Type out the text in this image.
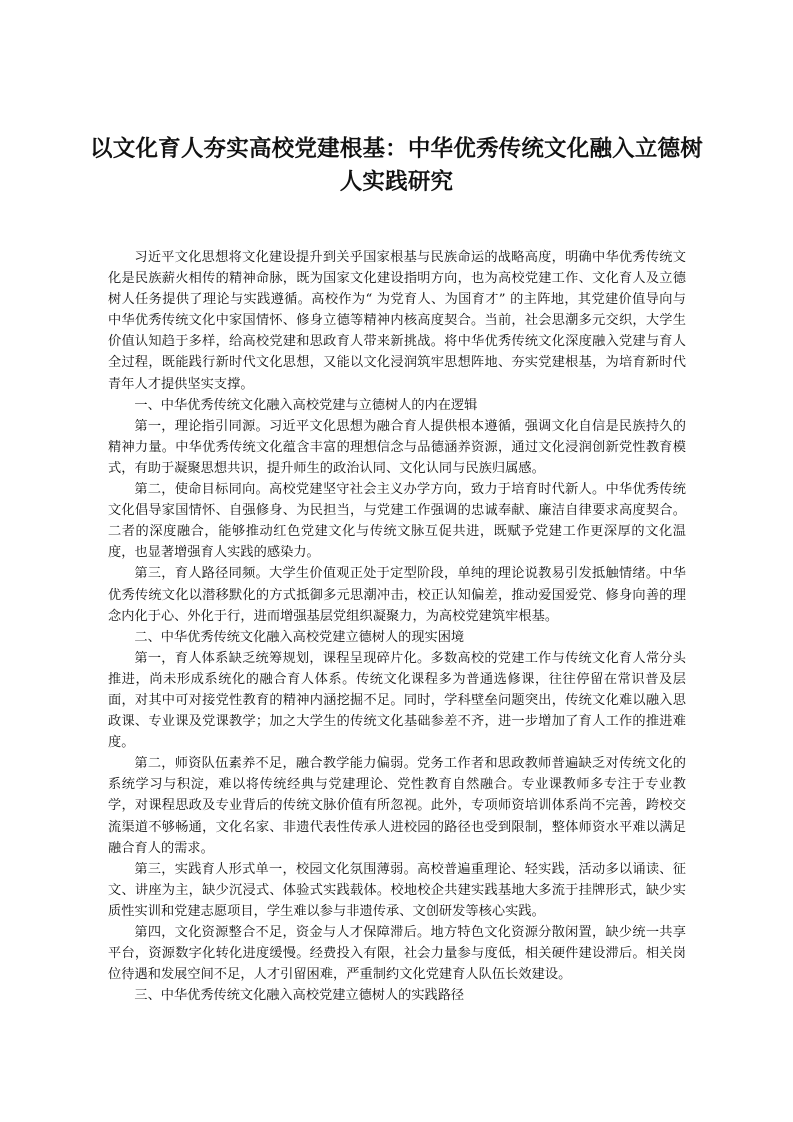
以文化育人夯实高校党建根基：中华优秀传统文化融入立德树人实践研究

习近平文化思想将文化建设提升到关乎国家根基与民族命运的战略高度，明确中华优秀传统文化是民族薪火相传的精神命脉，既为国家文化建设指明方向，也为高校党建工作、文化育人及立德树人任务提供了理论与实践遵循。高校作为“ 为党育人、为国育才” 的主阵地，其党建价值导向与中华优秀传统文化中家国情怀、修身立德等精神内核高度契合。当前，社会思潮多元交织，大学生价值认知趋于多样，给高校党建和思政育人带来新挑战。将中华优秀传统文化深度融入党建与育人全过程，既能践行新时代文化思想，又能以文化浸润筑牢思想阵地、夯实党建根基，为培育新时代青年人才提供坚实支撑。

一、中华优秀传统文化融入高校党建与立德树人的内在逻辑

第一，理论指引同源。习近平文化思想为融合育人提供根本遵循，强调文化自信是民族持久的精神力量。中华优秀传统文化蕴含丰富的理想信念与品德涵养资源，通过文化浸润创新党性教育模式，有助于凝聚思想共识，提升师生的政治认同、文化认同与民族归属感。

第二，使命目标同向。高校党建坚守社会主义办学方向，致力于培育时代新人。中华优秀传统文化倡导家国情怀、自强修身、为民担当，与党建工作强调的忠诚奉献、廉洁自律要求高度契合。二者的深度融合，能够推动红色党建文化与传统文脉互促共进，既赋予党建工作更深厚的文化温度，也显著增强育人实践的感染力。

第三，育人路径同频。大学生价值观正处于定型阶段，单纯的理论说教易引发抵触情绪。中华优秀传统文化以潜移默化的方式抵御多元思潮冲击，校正认知偏差，推动爱国爱党、修身向善的理念内化于心、外化于行，进而增强基层党组织凝聚力，为高校党建筑牢根基。

二、中华优秀传统文化融入高校党建立德树人的现实困境

第一，育人体系缺乏统筹规划，课程呈现碎片化。多数高校的党建工作与传统文化育人常分头推进，尚未形成系统化的融合育人体系。传统文化课程多为普通选修课，往往停留在常识普及层面，对其中可对接党性教育的精神内涵挖掘不足。同时，学科壁垒问题突出，传统文化难以融入思政课、专业课及党课教学；加之大学生的传统文化基础参差不齐，进一步增加了育人工作的推进难度。

第二，师资队伍素养不足，融合教学能力偏弱。党务工作者和思政教师普遍缺乏对传统文化的系统学习与积淀，难以将传统经典与党建理论、党性教育自然融合。专业课教师多专注于专业教学，对课程思政及专业背后的传统文脉价值有所忽视。此外，专项师资培训体系尚不完善，跨校交流渠道不够畅通，文化名家、非遗代表性传承人进校园的路径也受到限制，整体师资水平难以满足融合育人的需求。

第三，实践育人形式单一，校园文化氛围薄弱。高校普遍重理论、轻实践，活动多以诵读、征文、讲座为主，缺少沉浸式、体验式实践载体。校地校企共建实践基地大多流于挂牌形式，缺少实质性实训和党建志愿项目，学生难以参与非遗传承、文创研发等核心实践。

第四，文化资源整合不足，资金与人才保障滞后。地方特色文化资源分散闲置，缺少统一共享平台，资源数字化转化进度缓慢。经费投入有限，社会力量参与度低，相关硬件建设滞后。相关岗位待遇和发展空间不足，人才引留困难，严重制约文化党建育人队伍长效建设。

三、中华优秀传统文化融入高校党建立德树人的实践路径
